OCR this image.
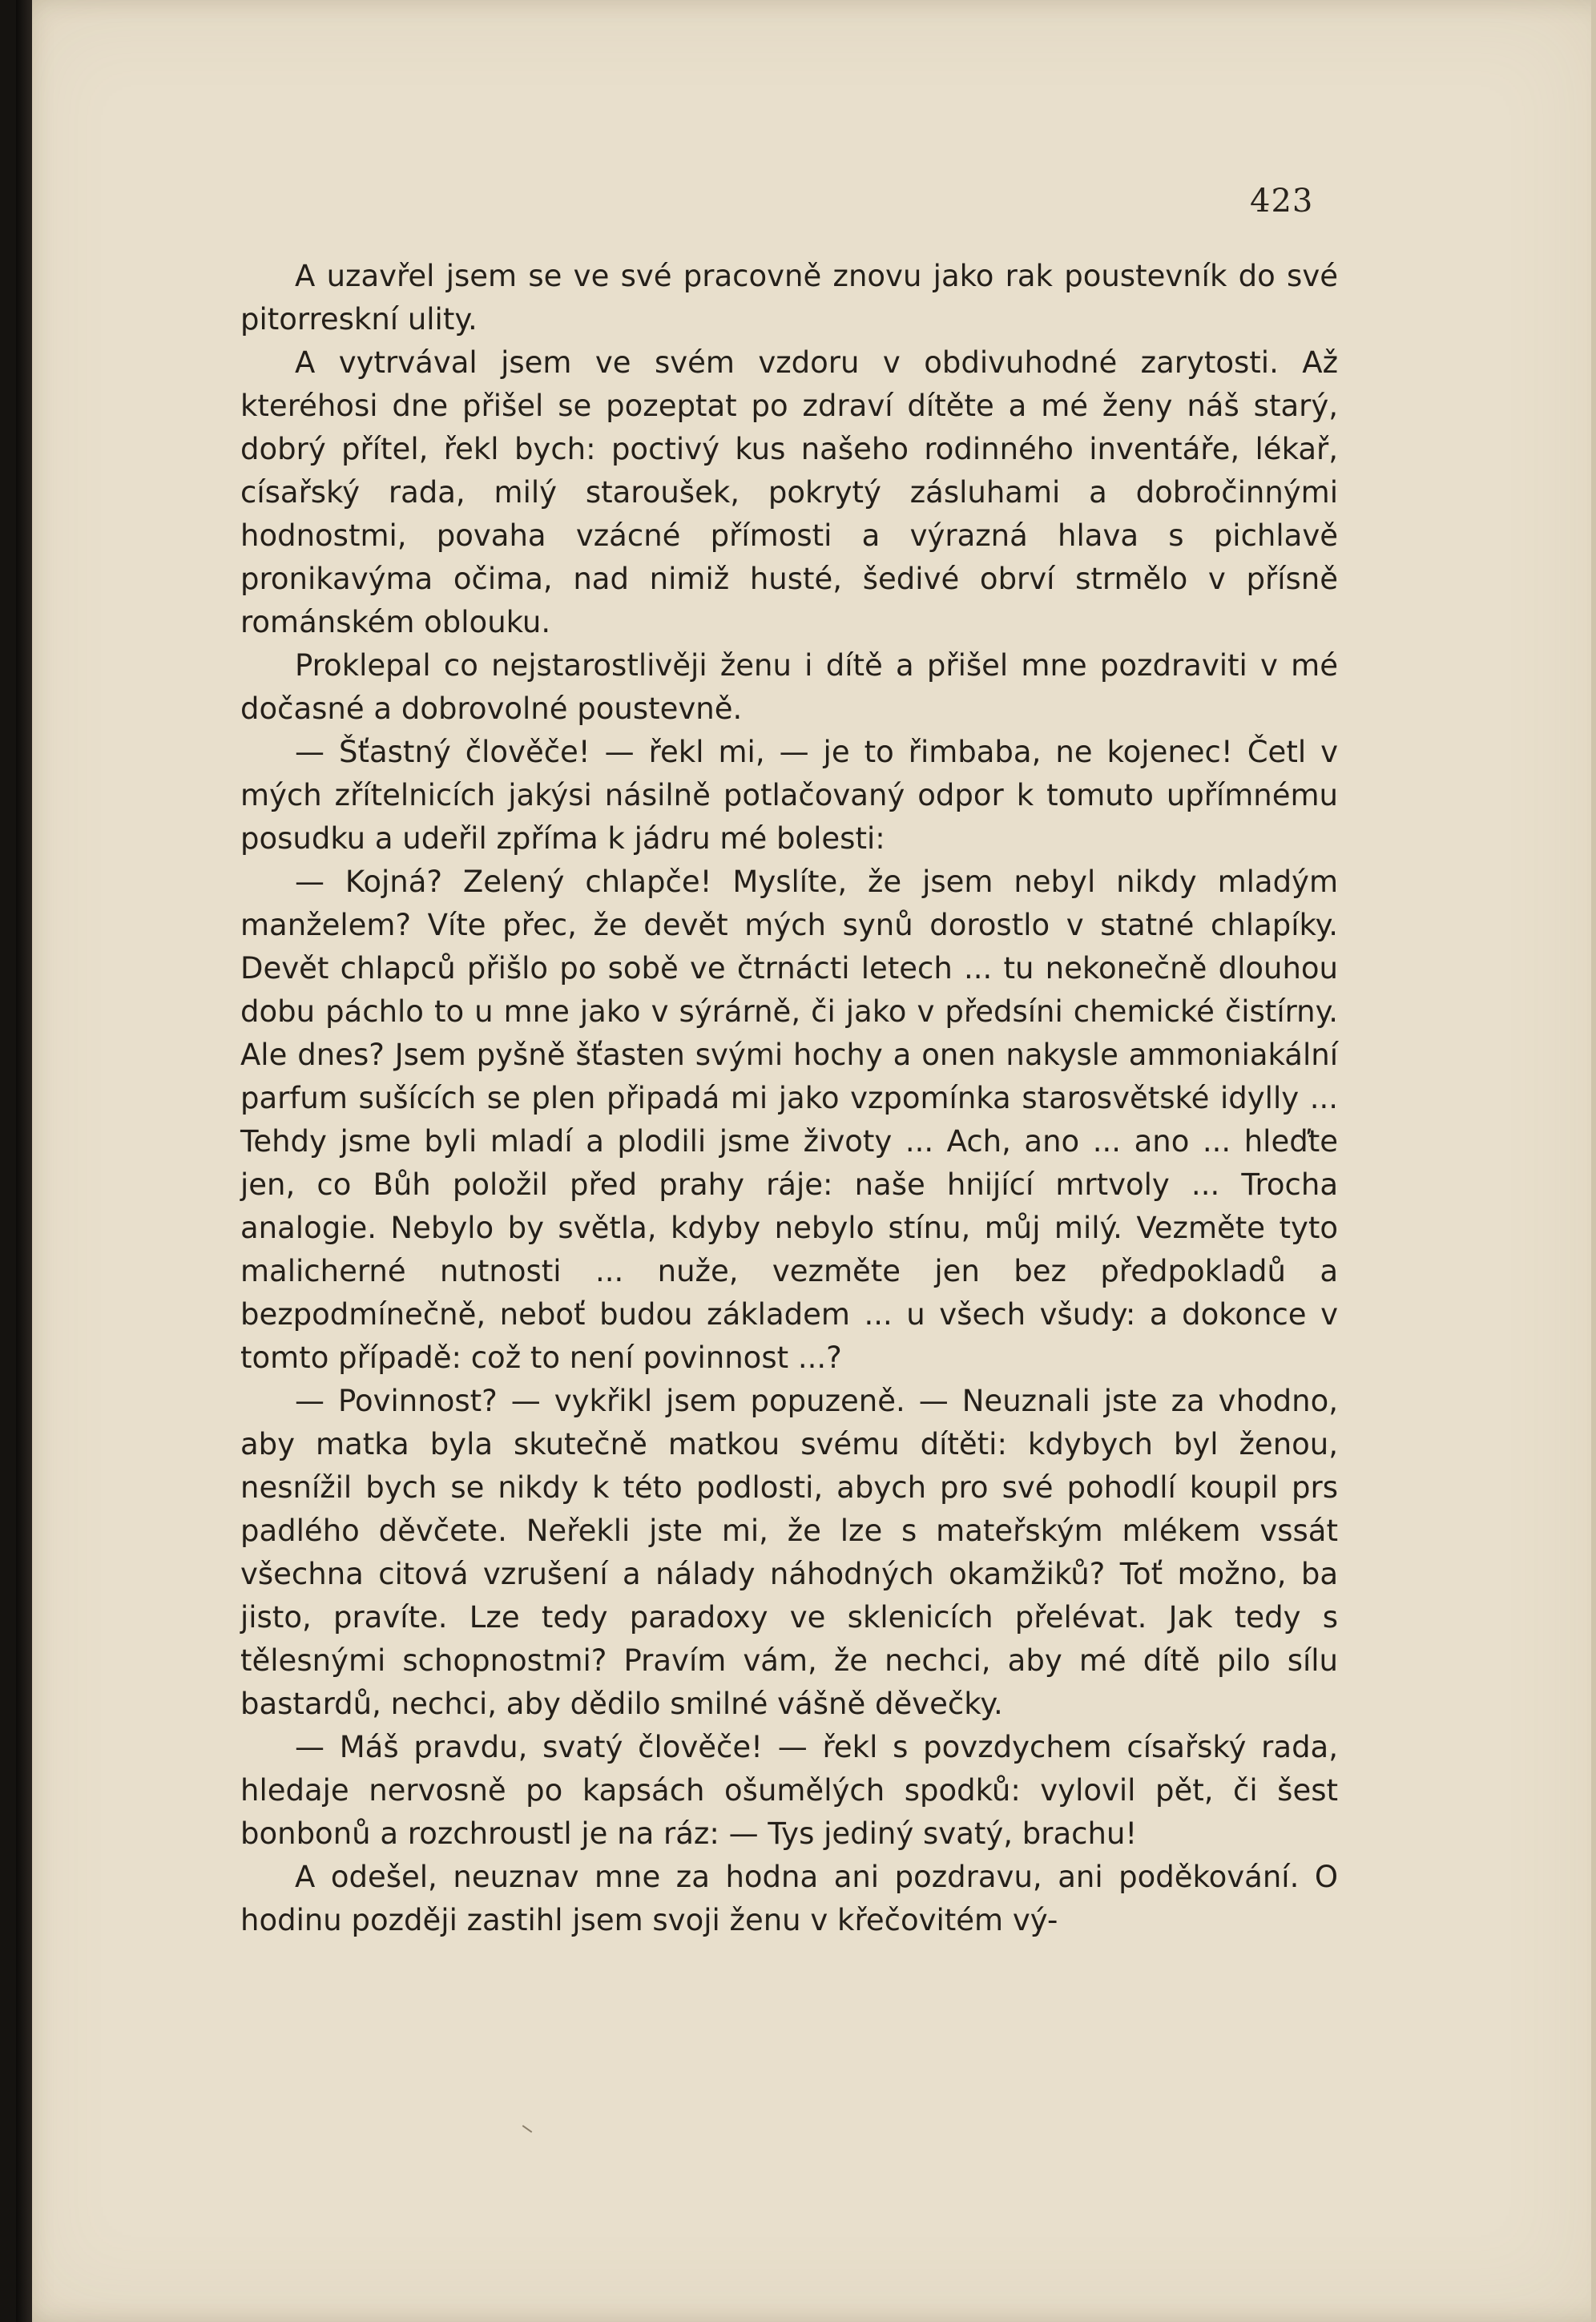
423

A uzavřel jsem se ve své pracovně znovu jako rak poustevník do své pitorreskní ulity.

A vytrvával jsem ve svém vzdoru v obdivuhodné zarytosti. Až kteréhosi dne přišel se pozeptat po zdraví dítěte a mé ženy náš starý, dobrý přítel, řekl bych: poctivý kus našeho rodinného inventáře, lékař, císařský rada, milý staroušek, pokrytý zásluhami a dobročinnými hodnostmi, povaha vzácné přímosti a výrazná hlava s pichlavě pronikavýma očima, nad nimiž husté, šedivé obrví strmělo v přísně románském oblouku.

Proklepal co nejstarostlivěji ženu i dítě a přišel mne pozdraviti v mé dočasné a dobrovolné poustevně.

— Šťastný člověče! — řekl mi, — je to řimbaba, ne kojenec! Četl v mých zřítelnicích jakýsi násilně potlačovaný odpor k tomuto upřímnému posudku a udeřil zpříma k jádru mé bolesti:

— Kojná? Zelený chlapče! Myslíte, že jsem nebyl nikdy mladým manželem? Víte přec, že devět mých synů dorostlo v statné chlapíky. Devět chlapců přišlo po sobě ve čtrnácti letech ... tu nekonečně dlouhou dobu páchlo to u mne jako v sýrárně, či jako v předsíni chemické čistírny. Ale dnes? Jsem pyšně šťasten svými hochy a onen nakysle ammoniakální parfum sušících se plen připadá mi jako vzpomínka starosvětské idylly ... Tehdy jsme byli mladí a plodili jsme životy ... Ach, ano ... ano ... hleďte jen, co Bůh položil před prahy ráje: naše hnijící mrtvoly ... Trocha analogie. Nebylo by světla, kdyby nebylo stínu, můj milý. Vezměte tyto malicherné nutnosti ... nuže, vezměte jen bez předpokladů a bezpodmínečně, neboť budou základem ... u všech všudy: a dokonce v tomto případě: což to není povinnost ...?

— Povinnost? — vykřikl jsem popuzeně. — Neuznali jste za vhodno, aby matka byla skutečně matkou svému dítěti: kdybych byl ženou, nesnížil bych se nikdy k této podlosti, abych pro své pohodlí koupil prs padlého děvčete. Neřekli jste mi, že lze s mateřským mlékem vssát všechna citová vzrušení a nálady náhodných okamžiků? Toť možno, ba jisto, pravíte. Lze tedy paradoxy ve sklenicích přelévat. Jak tedy s tělesnými schopnostmi? Pravím vám, že nechci, aby mé dítě pilo sílu bastardů, nechci, aby dědilo smilné vášně děvečky.

— Máš pravdu, svatý člověče! — řekl s povzdychem císařský rada, hledaje nervosně po kapsách ošumělých spodků: vylovil pět, či šest bonbonů a rozchroustl je na ráz: — Tys jediný svatý, brachu!

A odešel, neuznav mne za hodna ani pozdravu, ani poděkování. O hodinu později zastihl jsem svoji ženu v křečovitém vý-
